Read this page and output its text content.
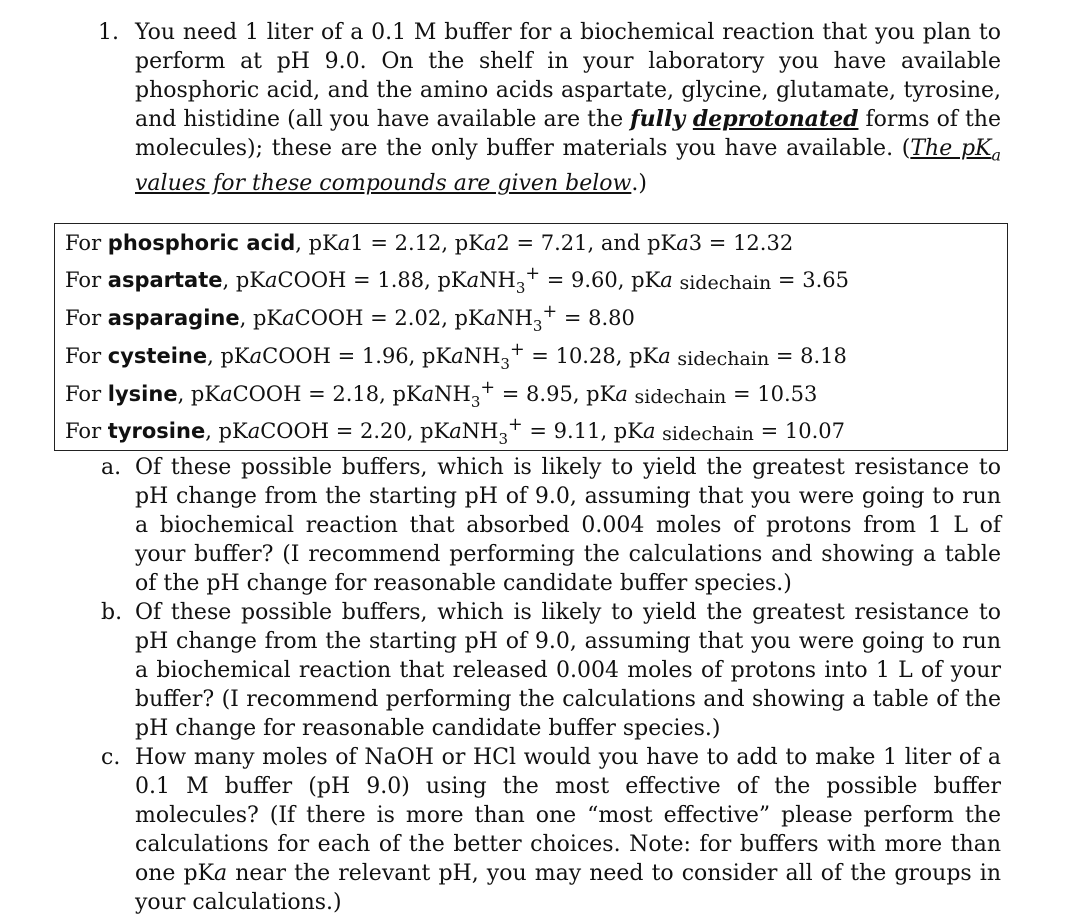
1. You need 1 liter of a 0.1 M buffer for a biochemical reaction that you plan to perform at pH 9.0. On the shelf in your laboratory you have available phosphoric acid, and the amino acids aspartate, glycine, glutamate, tyrosine, and histidine (all you have available are the fully deprotonated forms of the molecules); these are the only buffer materials you have available. (The $pK_a$ values for these compounds are given below.)
For phosphoric acid, pKa1 = 2.12, pKa2 = 7.21, and pKa3 = 12.32
For aspartate, pKaCOOH = 1.88, pKaNH$_3$+ = 9.60, pKa sidechain = 3.65
For asparagine, pKaCOOH = 2.02, pKaNH$_3$+ = 8.80
For cysteine, pKaCOOH = 1.96, pKaNH$_3$+ = 10.28, pKa sidechain = 8.18
For lysine, pKaCOOH = 2.18, pKaNH$_3$+ = 8.95, pKa sidechain = 10.53
For tyrosine, pKaCOOH = 2.20, pKaNH$_3$+ = 9.11, pKa sidechain = 10.07
a. Of these possible buffers, which is likely to yield the greatest resistance to pH change from the starting pH of 9.0, assuming that you were going to run a biochemical reaction that absorbed 0.004 moles of protons from 1 L of your buffer? (I recommend performing the calculations and showing a table of the pH change for reasonable candidate buffer species.)
b. Of these possible buffers, which is likely to yield the greatest resistance to pH change from the starting pH of 9.0, assuming that you were going to run a biochemical reaction that released 0.004 moles of protons into 1 L of your buffer? (I recommend performing the calculations and showing a table of the pH change for reasonable candidate buffer species.)
c. How many moles of NaOH or HCl would you have to add to make 1 liter of a 0.1 M buffer (pH 9.0) using the most effective of the possible buffer molecules? (If there is more than one “most effective” please perform the calculations for each of the better choices. Note: for buffers with more than one pKa near the relevant pH, you may need to consider all of the groups in your calculations.)
